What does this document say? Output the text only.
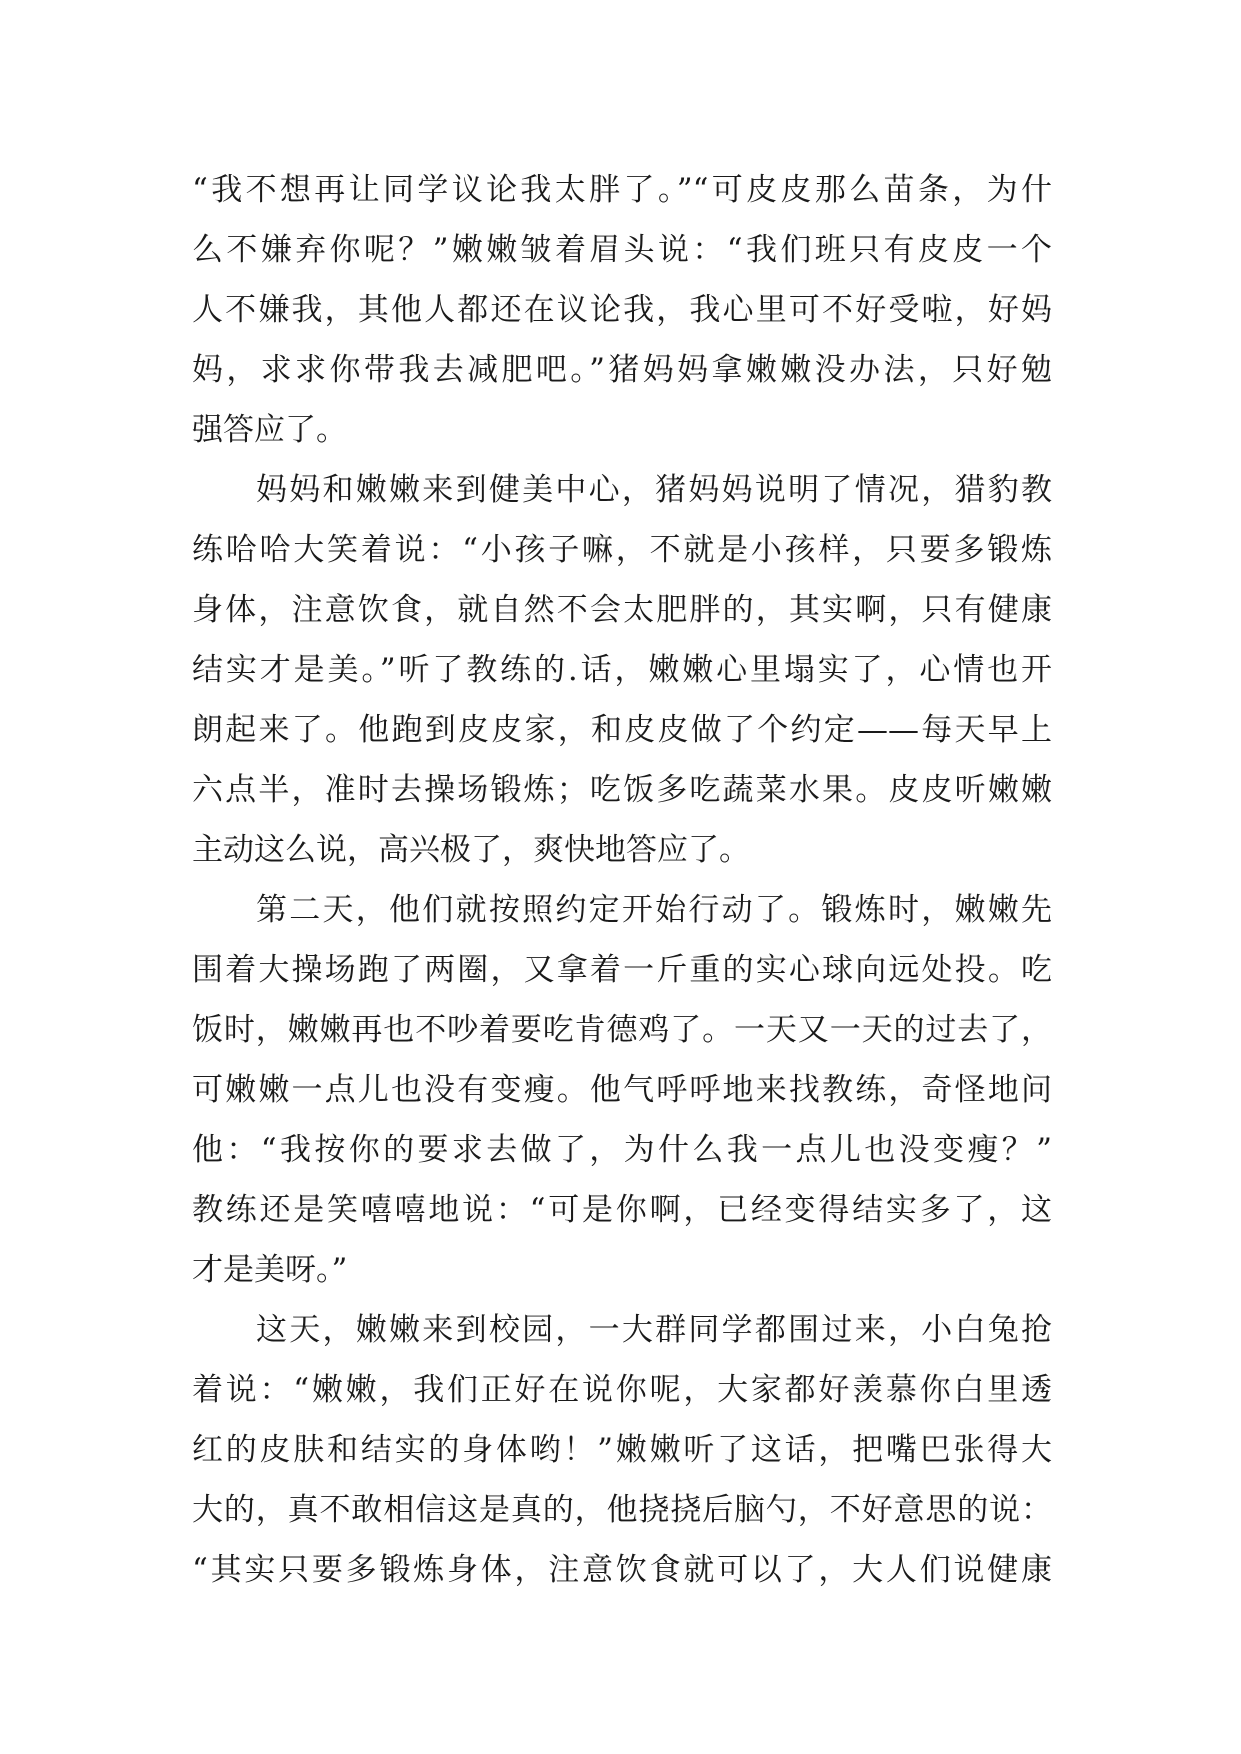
“我不想再让同学议论我太胖了。”“可皮皮那么苗条，为什
么不嫌弃你呢？”嫩嫩皱着眉头说：“我们班只有皮皮一个
人不嫌我，其他人都还在议论我，我心里可不好受啦，好妈
妈，求求你带我去减肥吧。”猪妈妈拿嫩嫩没办法，只好勉
强答应了。
妈妈和嫩嫩来到健美中心，猪妈妈说明了情况，猎豹教
练哈哈大笑着说：“小孩子嘛，不就是小孩样，只要多锻炼
身体，注意饮食，就自然不会太肥胖的，其实啊，只有健康
结实才是美。”听了教练的.话，嫩嫩心里塌实了，心情也开
朗起来了。他跑到皮皮家，和皮皮做了个约定——每天早上
六点半，准时去操场锻炼；吃饭多吃蔬菜水果。皮皮听嫩嫩
主动这么说，高兴极了，爽快地答应了。
第二天，他们就按照约定开始行动了。锻炼时，嫩嫩先
围着大操场跑了两圈，又拿着一斤重的实心球向远处投。吃
饭时，嫩嫩再也不吵着要吃肯德鸡了。一天又一天的过去了，
可嫩嫩一点儿也没有变瘦。他气呼呼地来找教练，奇怪地问
他：“我按你的要求去做了，为什么我一点儿也没变瘦？”
教练还是笑嘻嘻地说：“可是你啊，已经变得结实多了，这
才是美呀。”
这天，嫩嫩来到校园，一大群同学都围过来，小白兔抢
着说：“嫩嫩，我们正好在说你呢，大家都好羡慕你白里透
红的皮肤和结实的身体哟！”嫩嫩听了这话，把嘴巴张得大
大的，真不敢相信这是真的，他挠挠后脑勺，不好意思的说：
“其实只要多锻炼身体，注意饮食就可以了，大人们说健康
